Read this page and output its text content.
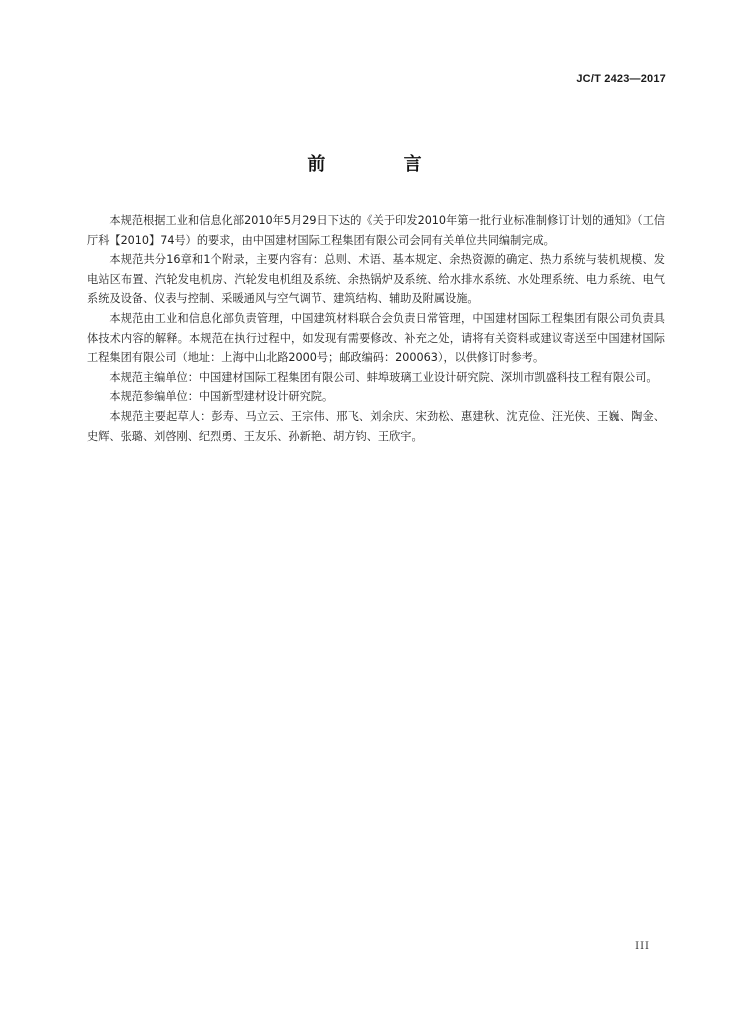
JC/T 2423—2017
前 言

本规范根据工业和信息化部2010年5月29日下达的《关于印发2010年第一批行业标准制修订计划的通知》（工信厅科【2010】74号）的要求，由中国建材国际工程集团有限公司会同有关单位共同编制完成。

本规范共分16章和1个附录，主要内容有：总则、术语、基本规定、余热资源的确定、热力系统与装机规模、发电站区布置、汽轮发电机房、汽轮发电机组及系统、余热锅炉及系统、给水排水系统、水处理系统、电力系统、电气系统及设备、仪表与控制、采暖通风与空气调节、建筑结构、辅助及附属设施。

本规范由工业和信息化部负责管理，中国建筑材料联合会负责日常管理，中国建材国际工程集团有限公司负责具体技术内容的解释。本规范在执行过程中，如发现有需要修改、补充之处，请将有关资料或建议寄送至中国建材国际工程集团有限公司（地址：上海中山北路2000号；邮政编码：200063），以供修订时参考。

本规范主编单位：中国建材国际工程集团有限公司、蚌埠玻璃工业设计研究院、深圳市凯盛科技工程有限公司。

本规范参编单位：中国新型建材设计研究院。

本规范主要起草人：彭寿、马立云、王宗伟、邢飞、刘余庆、宋劲松、惠建秋、沈克俭、汪光侠、王巍、陶金、史辉、张璐、刘啓刚、纪烈勇、王友乐、孙新艳、胡方钧、王欣宇。

III
